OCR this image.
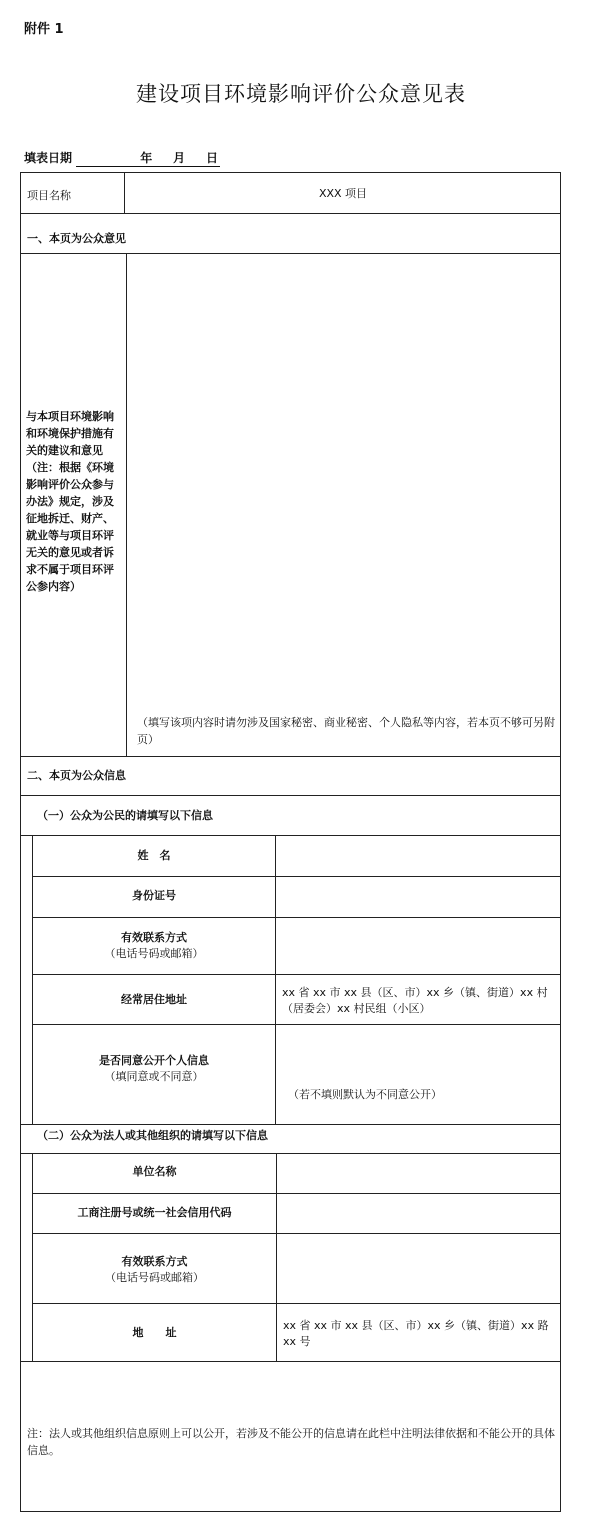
附件 1
建设项目环境影响评价公众意见表
填表日期	年 月 日
项目名称	XXX 项目
一、本页为公众意见
与本项目环境影响和环境保护措施有关的建议和意见（注：根据《环境影响评价公众参与办法》规定，涉及征地拆迁、财产、就业等与项目环评无关的意见或者诉求不属于项目环评公参内容）
（填写该项内容时请勿涉及国家秘密、商业秘密、个人隐私等内容，若本页不够可另附页）
二、本页为公众信息
（一）公众为公民的请填写以下信息
姓　名
身份证号
有效联系方式
（电话号码或邮箱）
经常居住地址
xx 省 xx 市 xx 县（区、市）xx 乡（镇、街道）xx 村（居委会）xx 村民组（小区）
是否同意公开个人信息
（填同意或不同意）
（若不填则默认为不同意公开）
（二）公众为法人或其他组织的请填写以下信息
单位名称
工商注册号或统一社会信用代码
有效联系方式
（电话号码或邮箱）
地　　址
xx 省 xx 市 xx 县（区、市）xx 乡（镇、街道）xx 路 xx 号
注：法人或其他组织信息原则上可以公开，若涉及不能公开的信息请在此栏中注明法律依据和不能公开的具体信息。
